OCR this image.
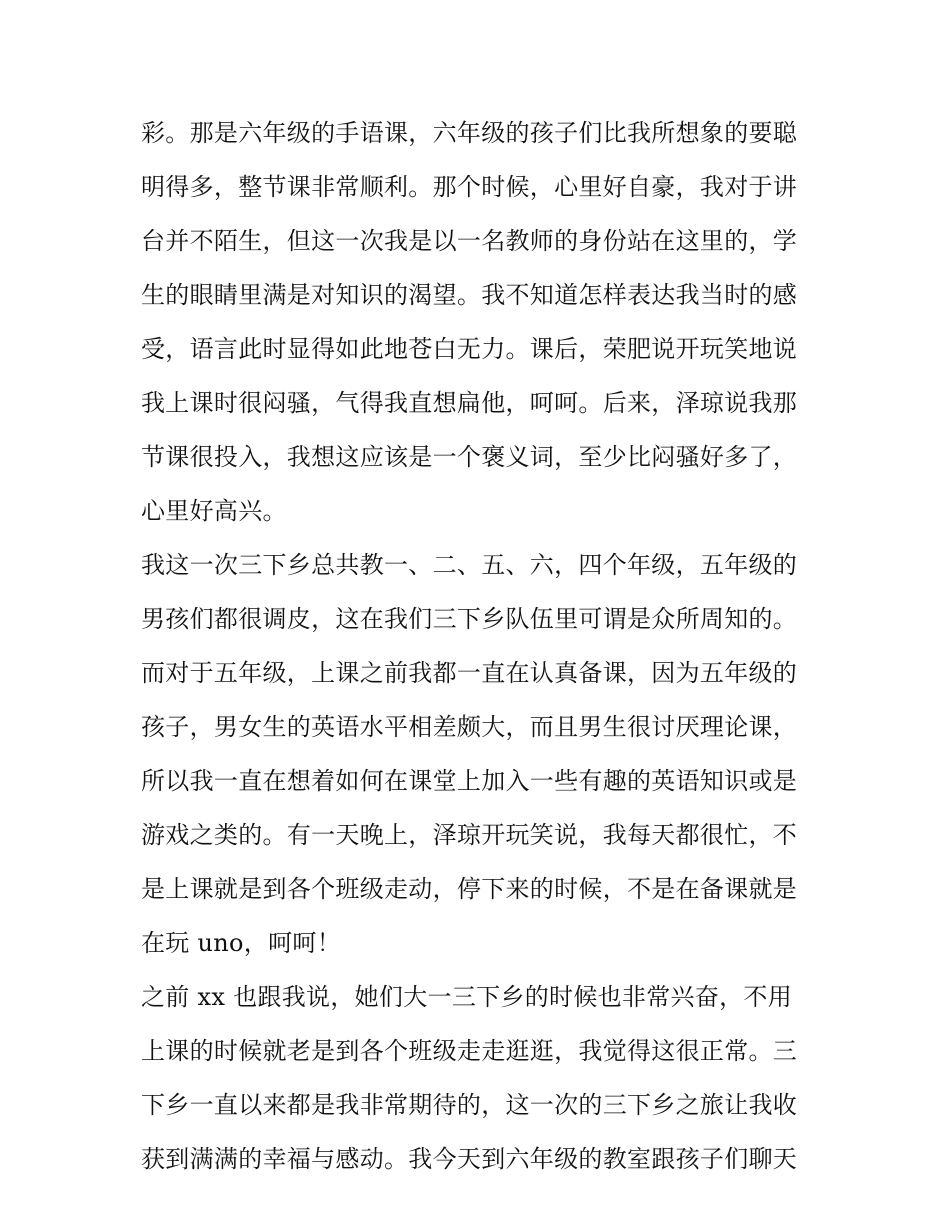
彩。那是六年级的手语课，六年级的孩子们比我所想象的要聪
明得多，整节课非常顺利。那个时候，心里好自豪，我对于讲
台并不陌生，但这一次我是以一名教师的身份站在这里的，学
生的眼睛里满是对知识的渴望。我不知道怎样表达我当时的感
受，语言此时显得如此地苍白无力。课后，荣肥说开玩笑地说
我上课时很闷骚，气得我直想扁他，呵呵。后来，泽琼说我那
节课很投入，我想这应该是一个褒义词，至少比闷骚好多了，
心里好高兴。
我这一次三下乡总共教一、二、五、六，四个年级，五年级的
男孩们都很调皮，这在我们三下乡队伍里可谓是众所周知的。
而对于五年级，上课之前我都一直在认真备课，因为五年级的
孩子，男女生的英语水平相差颇大，而且男生很讨厌理论课，
所以我一直在想着如何在课堂上加入一些有趣的英语知识或是
游戏之类的。有一天晚上，泽琼开玩笑说，我每天都很忙，不
是上课就是到各个班级走动，停下来的时候，不是在备课就是
在玩 uno，呵呵！
之前 xx 也跟我说，她们大一三下乡的时候也非常兴奋，不用
上课的时候就老是到各个班级走走逛逛，我觉得这很正常。三
下乡一直以来都是我非常期待的，这一次的三下乡之旅让我收
获到满满的幸福与感动。我今天到六年级的教室跟孩子们聊天
